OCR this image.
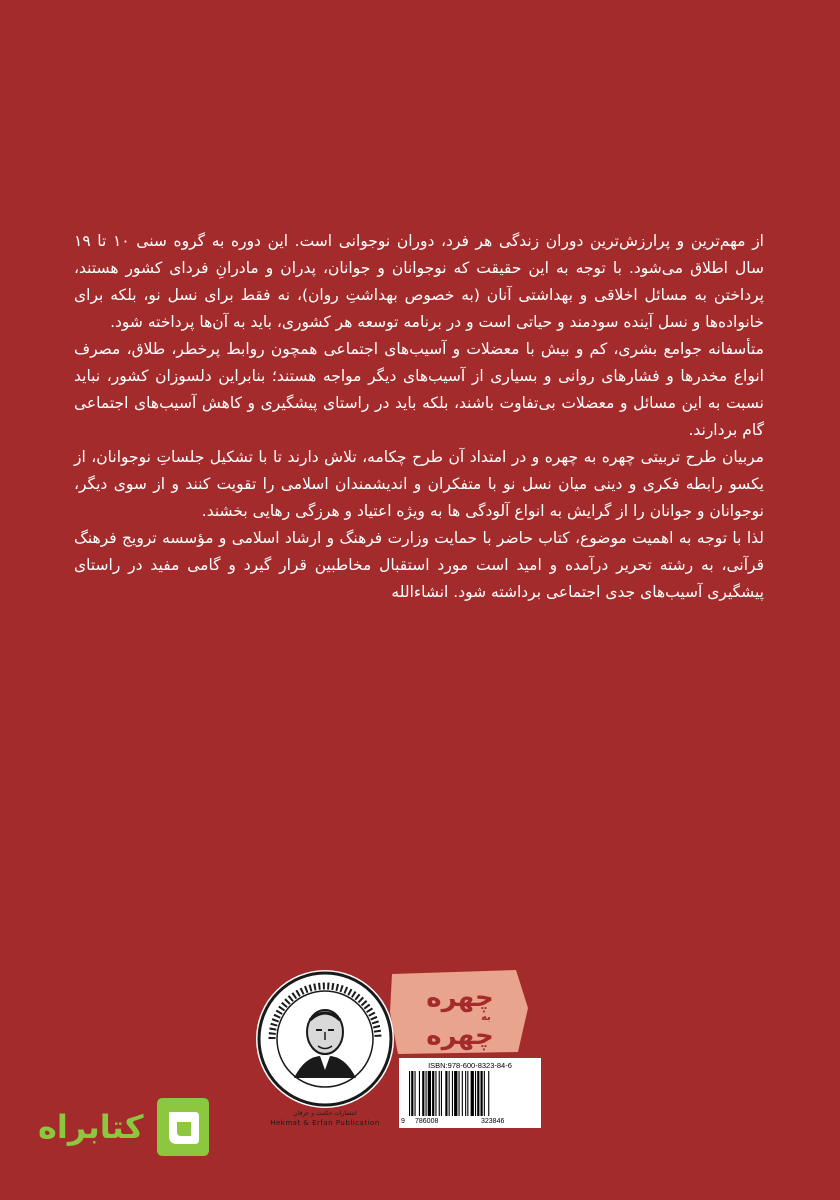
از مهم‌ترین و پرارزش‌ترین دوران زندگی هر فرد، دوران نوجوانی است. این دوره به گروه سنی ۱۰ تا ۱۹ سال اطلاق می‌شود. با توجه به این حقیقت که نوجوانان و جوانان، پدران و مادرانِ فردای کشور هستند، پرداختن به مسائل اخلاقی و بهداشتی آنان (به خصوص بهداشتِ روان)، نه فقط برای نسل نو، بلکه برای خانواده‌ها و نسل آینده سودمند و حیاتی است و در برنامه توسعه هر کشوری، باید به آن‌ها پرداخته شود.

متأسفانه جوامع بشری، کم و بیش با معضلات و آسیب‌های اجتماعی همچون روابط پرخطر، طلاق، مصرف انواع مخدرها و فشارهای روانی و بسیاری از آسیب‌های دیگر مواجه هستند؛ بنابراین دلسوزان کشور، نباید نسبت به این مسائل و معضلات بی‌تفاوت باشند، بلکه باید در راستای پیشگیری و کاهش آسیب‌های اجتماعی گام بردارند.

مربیان طرح تربیتی چهره به چهره و در امتداد آن طرح چکامه، تلاش دارند تا با تشکیل جلساتِ نوجوانان، از یکسو رابطه فکری و دینی میان نسل نو با متفکران و اندیشمندان اسلامی را تقویت کنند و از سوی دیگر، نوجوانان و جوانان را از گرایش به انواع آلودگی ها به ویژه اعتیاد و هرزگی رهایی بخشند.

لذا با توجه به اهمیت موضوع، کتاب حاضر با حمایت وزارت فرهنگ و ارشاد اسلامی و مؤسسه ترویج فرهنگ قرآنی، به رشته تحریر درآمده و امید است مورد استقبال مخاطبین قرار گیرد و گامی مفید در راستای پیشگیری آسیب‌های جدی اجتماعی برداشته شود. انشاءالله

انتشارات حکمت و عرفان
Hekmat & Erfan Publication
چهره
به
چهره
ISBN:978-600-8323-84-6
9 786008	323846
کتابراه
